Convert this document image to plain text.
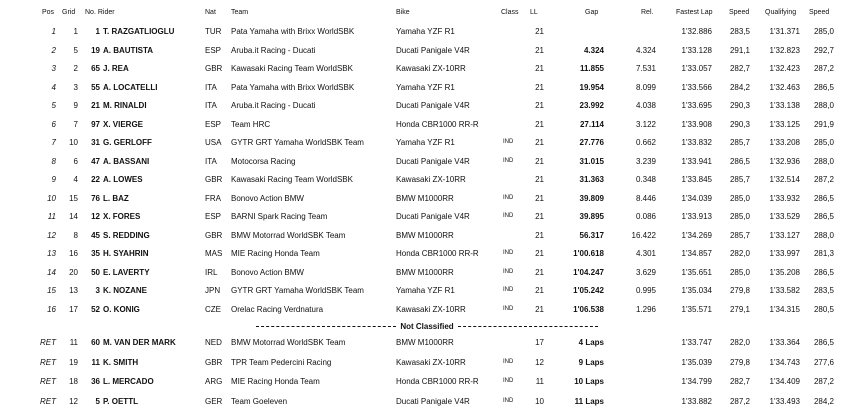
Pos Grid No. Rider	Nat Team	Bike	Class LL	Gap	Rel.	Fastest Lap Speed Qualifying Speed
1	1	1 T. RAZGATLIOGLU	TUR Pata Yamaha with Brixx WorldSBK	Yamaha YZF R1	21	1'32.886	283,5	1'31.371	285,0
2	5	19 A. BAUTISTA	ESP Aruba.it Racing - Ducati	Ducati Panigale V4R	21	4.324	4.324	1'33.128	291,1	1'32.823	292,7
3	2	65 J. REA	GBR Kawasaki Racing Team WorldSBK	Kawasaki ZX-10RR	21	11.855	7.531	1'33.057	282,7	1'32.423	287,2
4	3	55 A. LOCATELLI	ITA Pata Yamaha with Brixx WorldSBK	Yamaha YZF R1	21	19.954	8.099	1'33.566	284,2	1'32.463	286,5
5	9	21 M. RINALDI	ITA Aruba.it Racing - Ducati	Ducati Panigale V4R	21	23.992	4.038	1'33.695	290,3	1'33.138	288,0
6	7	97 X. VIERGE	ESP Team HRC	Honda CBR1000 RR-R	21	27.114	3.122	1'33.908	290,3	1'33.125	291,9
7	10	31 G. GERLOFF	USA GYTR GRT Yamaha WorldSBK Team	Yamaha YZF R1	IND	21	27.776	0.662	1'33.832	285,7	1'33.208	285,0
8	6	47 A. BASSANI	ITA Motocorsa Racing	Ducati Panigale V4R	IND	21	31.015	3.239	1'33.941	286,5	1'32.936	288,0
9	4	22 A. LOWES	GBR Kawasaki Racing Team WorldSBK	Kawasaki ZX-10RR	21	31.363	0.348	1'33.845	285,7	1'32.514	287,2
10	15	76 L. BAZ	FRA Bonovo Action BMW	BMW M1000RR	IND	21	39.809	8.446	1'34.039	285,0	1'33.932	286,5
11	14	12 X. FORES	ESP BARNI Spark Racing Team	Ducati Panigale V4R	IND	21	39.895	0.086	1'33.913	285,0	1'33.529	286,5
12	8	45 S. REDDING	GBR BMW Motorrad WorldSBK Team	BMW M1000RR	21	56.317	16.422	1'34.269	285,7	1'33.127	288,0
13	16	35 H. SYAHRIN	MAS MIE Racing Honda Team	Honda CBR1000 RR-R	IND	21	1'00.618	4.301	1'34.857	282,0	1'33.997	281,3
14	20	50 E. LAVERTY	IRL Bonovo Action BMW	BMW M1000RR	IND	21	1'04.247	3.629	1'35.651	285,0	1'35.208	286,5
15	13	3 K. NOZANE	JPN GYTR GRT Yamaha WorldSBK Team	Yamaha YZF R1	IND	21	1'05.242	0.995	1'35.034	279,8	1'33.582	283,5
16	17	52 O. KONIG	CZE Orelac Racing Verdnatura	Kawasaki ZX-10RR	IND	21	1'06.538	1.296	1'35.571	279,1	1'34.315	280,5
Not Classified
RET	11	60 M. VAN DER MARK	NED BMW Motorrad WorldSBK Team	BMW M1000RR	17	4 Laps	1'33.747	282,0	1'33.364	286,5
RET	19	11 K. SMITH	GBR TPR Team Pedercini Racing	Kawasaki ZX-10RR	IND	12	9 Laps	1'35.039	279,8	1'34.743	277,6
RET	18	36 L. MERCADO	ARG MIE Racing Honda Team	Honda CBR1000 RR-R	IND	11	10 Laps	1'34.799	282,7	1'34.409	287,2
RET	12	5 P. OETTL	GER Team Goeleven	Ducati Panigale V4R	IND	10	11 Laps	1'33.882	287,2	1'33.493	284,2
